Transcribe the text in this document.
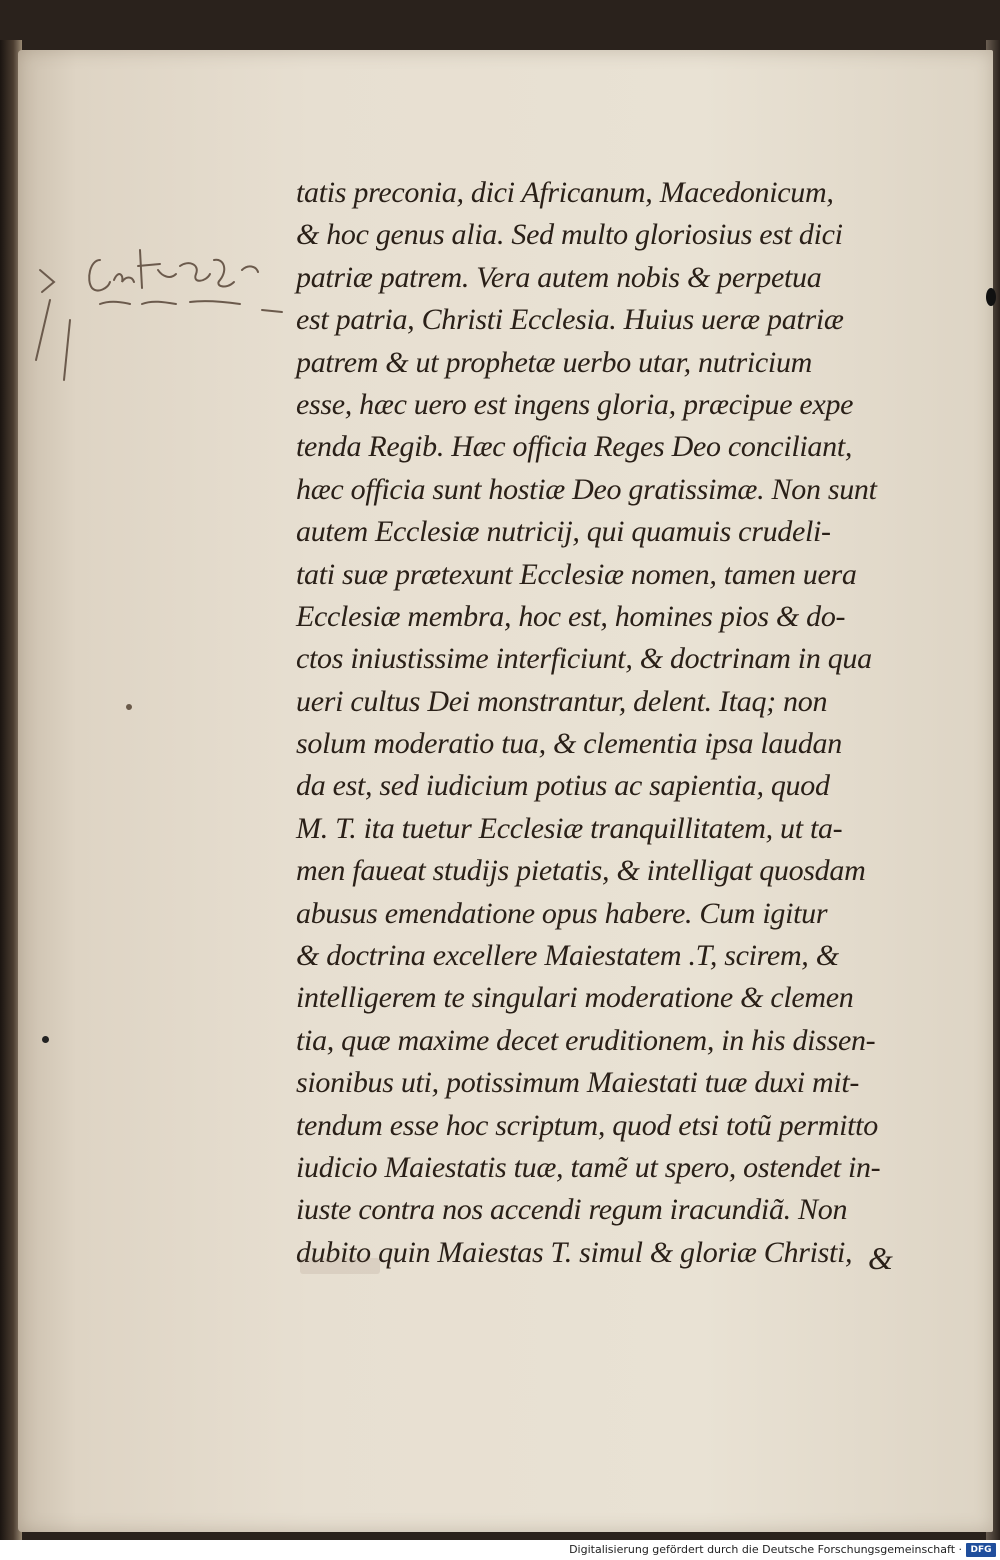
tatis preconia, dici Africanum, Macedonicum,
& hoc genus alia. Sed multo gloriosius est dici
patriæ patrem. Vera autem nobis & perpetua
est patria, Christi Ecclesia. Huius ueræ patriæ
patrem & ut prophetæ uerbo utar, nutricium
esse, hæc uero est ingens gloria, præcipue expe
tenda Regib. Hæc officia Reges Deo conciliant,
hæc officia sunt hostiæ Deo gratissimæ. Non sunt
autem Ecclesiæ nutricij, qui quamuis crudeli-
tati suæ prætexunt Ecclesiæ nomen, tamen uera
Ecclesiæ membra, hoc est, homines pios & do-
ctos iniustissime interficiunt, & doctrinam in qua
ueri cultus Dei monstrantur, delent. Itaq; non
solum moderatio tua, & clementia ipsa laudan
da est, sed iudicium potius ac sapientia, quod
M. T. ita tuetur Ecclesiæ tranquillitatem, ut ta-
men faueat studijs pietatis, & intelligat quosdam
abusus emendatione opus habere. Cum igitur
& doctrina excellere Maiestatem .T, scirem, &
intelligerem te singulari moderatione & clemen
tia, quæ maxime decet eruditionem, in his dissen-
sionibus uti, potissimum Maiestati tuæ duxi mit-
tendum esse hoc scriptum, quod etsi totũ permitto
iudicio Maiestatis tuæ, tamẽ ut spero, ostendet in-
iuste contra nos accendi regum iracundiã. Non
dubito quin Maiestas T. simul & gloriæ Christi, &
Digitalisierung gefördert durch die Deutsche Forschungsgemeinschaft · DFG
